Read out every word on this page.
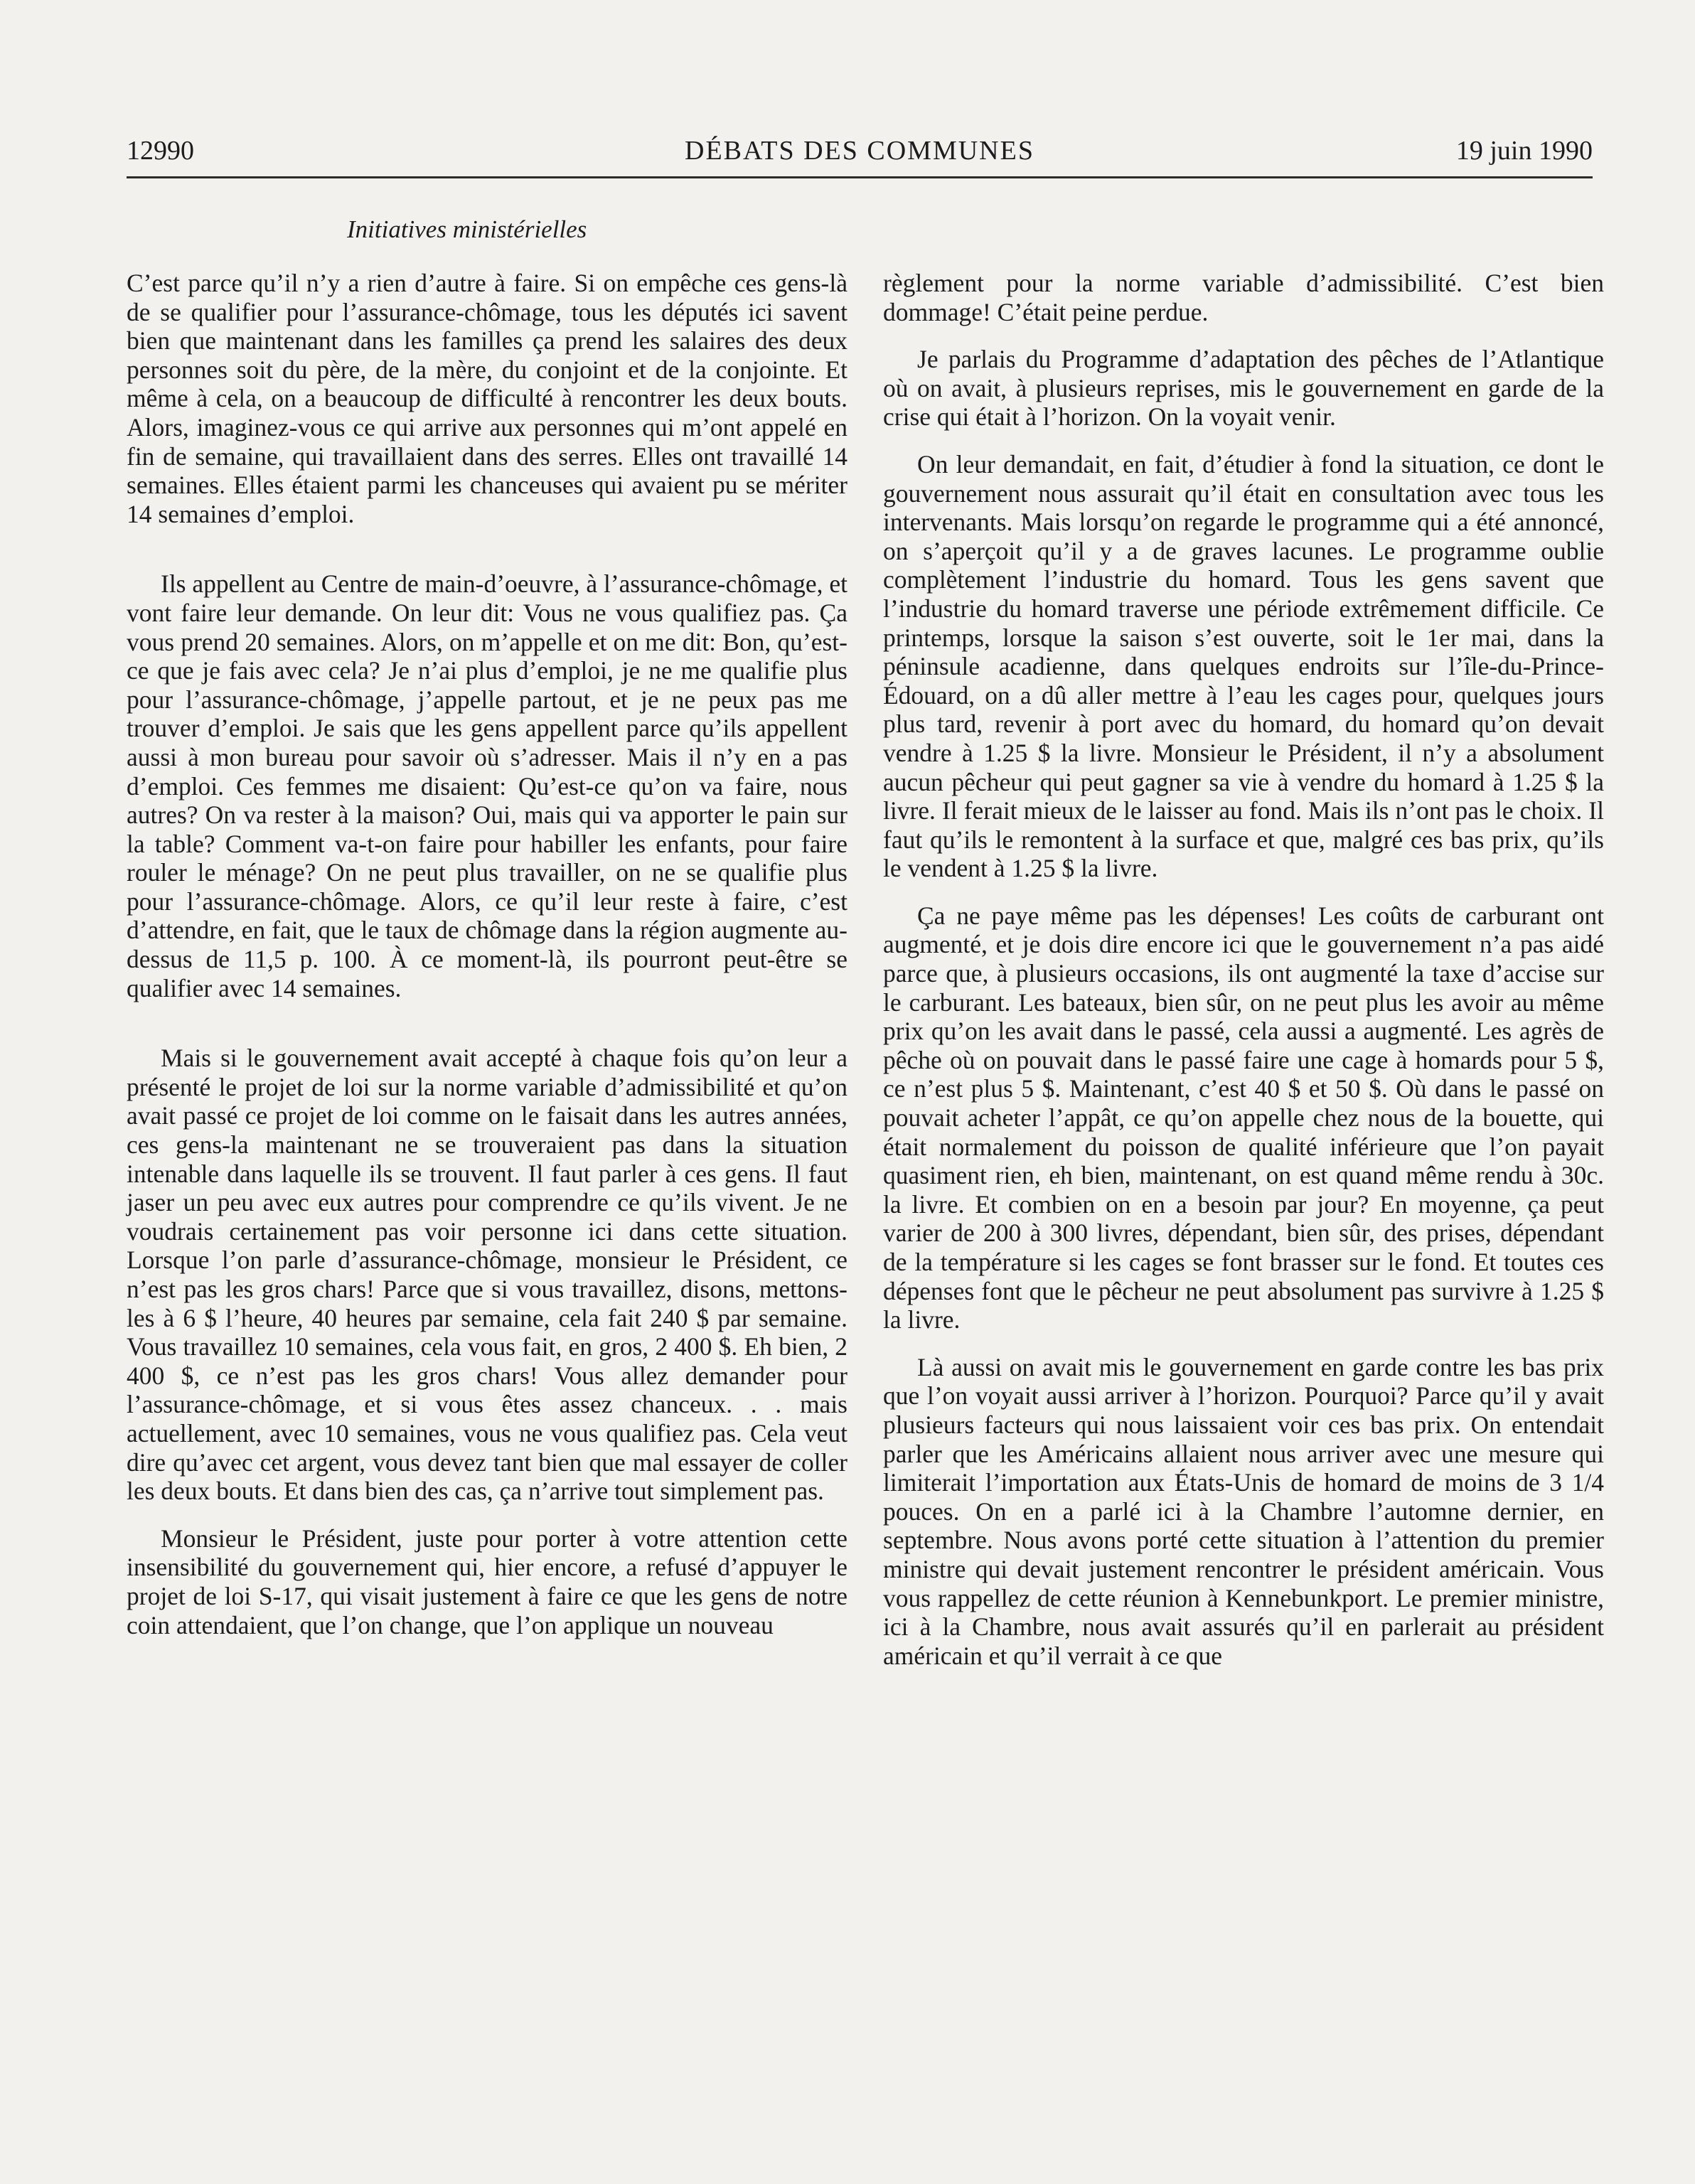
12990	DÉBATS DES COMMUNES	19 juin 1990
Initiatives ministérielles

C’est parce qu’il n’y a rien d’autre à faire. Si on empêche ces gens-là de se qualifier pour l’assurance-chômage, tous les députés ici savent bien que maintenant dans les familles ça prend les salaires des deux personnes soit du père, de la mère, du conjoint et de la conjointe. Et même à cela, on a beaucoup de difficulté à rencontrer les deux bouts. Alors, imaginez-vous ce qui arrive aux personnes qui m’ont appelé en fin de semaine, qui travaillaient dans des serres. Elles ont travaillé 14 semaines. Elles étaient parmi les chanceuses qui avaient pu se mériter 14 semaines d’emploi.

Ils appellent au Centre de main-d’oeuvre, à l’assurance-chômage, et vont faire leur demande. On leur dit: Vous ne vous qualifiez pas. Ça vous prend 20 semaines. Alors, on m’appelle et on me dit: Bon, qu’est-ce que je fais avec cela? Je n’ai plus d’emploi, je ne me qualifie plus pour l’assurance-chômage, j’appelle partout, et je ne peux pas me trouver d’emploi. Je sais que les gens appellent parce qu’ils appellent aussi à mon bureau pour savoir où s’adresser. Mais il n’y en a pas d’emploi. Ces femmes me disaient: Qu’est-ce qu’on va faire, nous autres? On va rester à la maison? Oui, mais qui va apporter le pain sur la table? Comment va-t-on faire pour habiller les enfants, pour faire rouler le ménage? On ne peut plus travailler, on ne se qualifie plus pour l’assurance-chômage. Alors, ce qu’il leur reste à faire, c’est d’attendre, en fait, que le taux de chômage dans la région augmente au-dessus de 11,5 p. 100. À ce moment-là, ils pourront peut-être se qualifier avec 14 semaines.

Mais si le gouvernement avait accepté à chaque fois qu’on leur a présenté le projet de loi sur la norme variable d’admissibilité et qu’on avait passé ce projet de loi comme on le faisait dans les autres années, ces gens-la maintenant ne se trouveraient pas dans la situation intenable dans laquelle ils se trouvent. Il faut parler à ces gens. Il faut jaser un peu avec eux autres pour comprendre ce qu’ils vivent. Je ne voudrais certainement pas voir personne ici dans cette situation. Lorsque l’on parle d’assurance-chômage, monsieur le Président, ce n’est pas les gros chars! Parce que si vous travaillez, disons, mettons-les à 6 $ l’heure, 40 heures par semaine, cela fait 240 $ par semaine. Vous travaillez 10 semaines, cela vous fait, en gros, 2 400 $. Eh bien, 2 400 $, ce n’est pas les gros chars! Vous allez demander pour l’assurance-chômage, et si vous êtes assez chanceux. . . mais actuellement, avec 10 semaines, vous ne vous qualifiez pas. Cela veut dire qu’avec cet argent, vous devez tant bien que mal essayer de coller les deux bouts. Et dans bien des cas, ça n’arrive tout simplement pas.

Monsieur le Président, juste pour porter à votre attention cette insensibilité du gouvernement qui, hier encore, a refusé d’appuyer le projet de loi S-17, qui visait justement à faire ce que les gens de notre coin attendaient, que l’on change, que l’on applique un nouveau

règlement pour la norme variable d’admissibilité. C’est bien dommage! C’était peine perdue.

Je parlais du Programme d’adaptation des pêches de l’Atlantique où on avait, à plusieurs reprises, mis le gouvernement en garde de la crise qui était à l’horizon. On la voyait venir.

On leur demandait, en fait, d’étudier à fond la situation, ce dont le gouvernement nous assurait qu’il était en consultation avec tous les intervenants. Mais lorsqu’on regarde le programme qui a été annoncé, on s’aperçoit qu’il y a de graves lacunes. Le programme oublie complètement l’industrie du homard. Tous les gens savent que l’industrie du homard traverse une période extrêmement difficile. Ce printemps, lorsque la saison s’est ouverte, soit le 1er mai, dans la péninsule acadienne, dans quelques endroits sur l’île-du-Prince-Édouard, on a dû aller mettre à l’eau les cages pour, quelques jours plus tard, revenir à port avec du homard, du homard qu’on devait vendre à 1.25 $ la livre. Monsieur le Président, il n’y a absolument aucun pêcheur qui peut gagner sa vie à vendre du homard à 1.25 $ la livre. Il ferait mieux de le laisser au fond. Mais ils n’ont pas le choix. Il faut qu’ils le remontent à la surface et que, malgré ces bas prix, qu’ils le vendent à 1.25 $ la livre.

Ça ne paye même pas les dépenses! Les coûts de carburant ont augmenté, et je dois dire encore ici que le gouvernement n’a pas aidé parce que, à plusieurs occasions, ils ont augmenté la taxe d’accise sur le carburant. Les bateaux, bien sûr, on ne peut plus les avoir au même prix qu’on les avait dans le passé, cela aussi a augmenté. Les agrès de pêche où on pouvait dans le passé faire une cage à homards pour 5 $, ce n’est plus 5 $. Maintenant, c’est 40 $ et 50 $. Où dans le passé on pouvait acheter l’appât, ce qu’on appelle chez nous de la bouette, qui était normalement du poisson de qualité inférieure que l’on payait quasiment rien, eh bien, maintenant, on est quand même rendu à 30c. la livre. Et combien on en a besoin par jour? En moyenne, ça peut varier de 200 à 300 livres, dépendant, bien sûr, des prises, dépendant de la température si les cages se font brasser sur le fond. Et toutes ces dépenses font que le pêcheur ne peut absolument pas survivre à 1.25 $ la livre.

Là aussi on avait mis le gouvernement en garde contre les bas prix que l’on voyait aussi arriver à l’horizon. Pourquoi? Parce qu’il y avait plusieurs facteurs qui nous laissaient voir ces bas prix. On entendait parler que les Américains allaient nous arriver avec une mesure qui limiterait l’importation aux États-Unis de homard de moins de 3 1/4 pouces. On en a parlé ici à la Chambre l’automne dernier, en septembre. Nous avons porté cette situation à l’attention du premier ministre qui devait justement rencontrer le président américain. Vous vous rappellez de cette réunion à Kennebunkport. Le premier ministre, ici à la Chambre, nous avait assurés qu’il en parlerait au président américain et qu’il verrait à ce que
